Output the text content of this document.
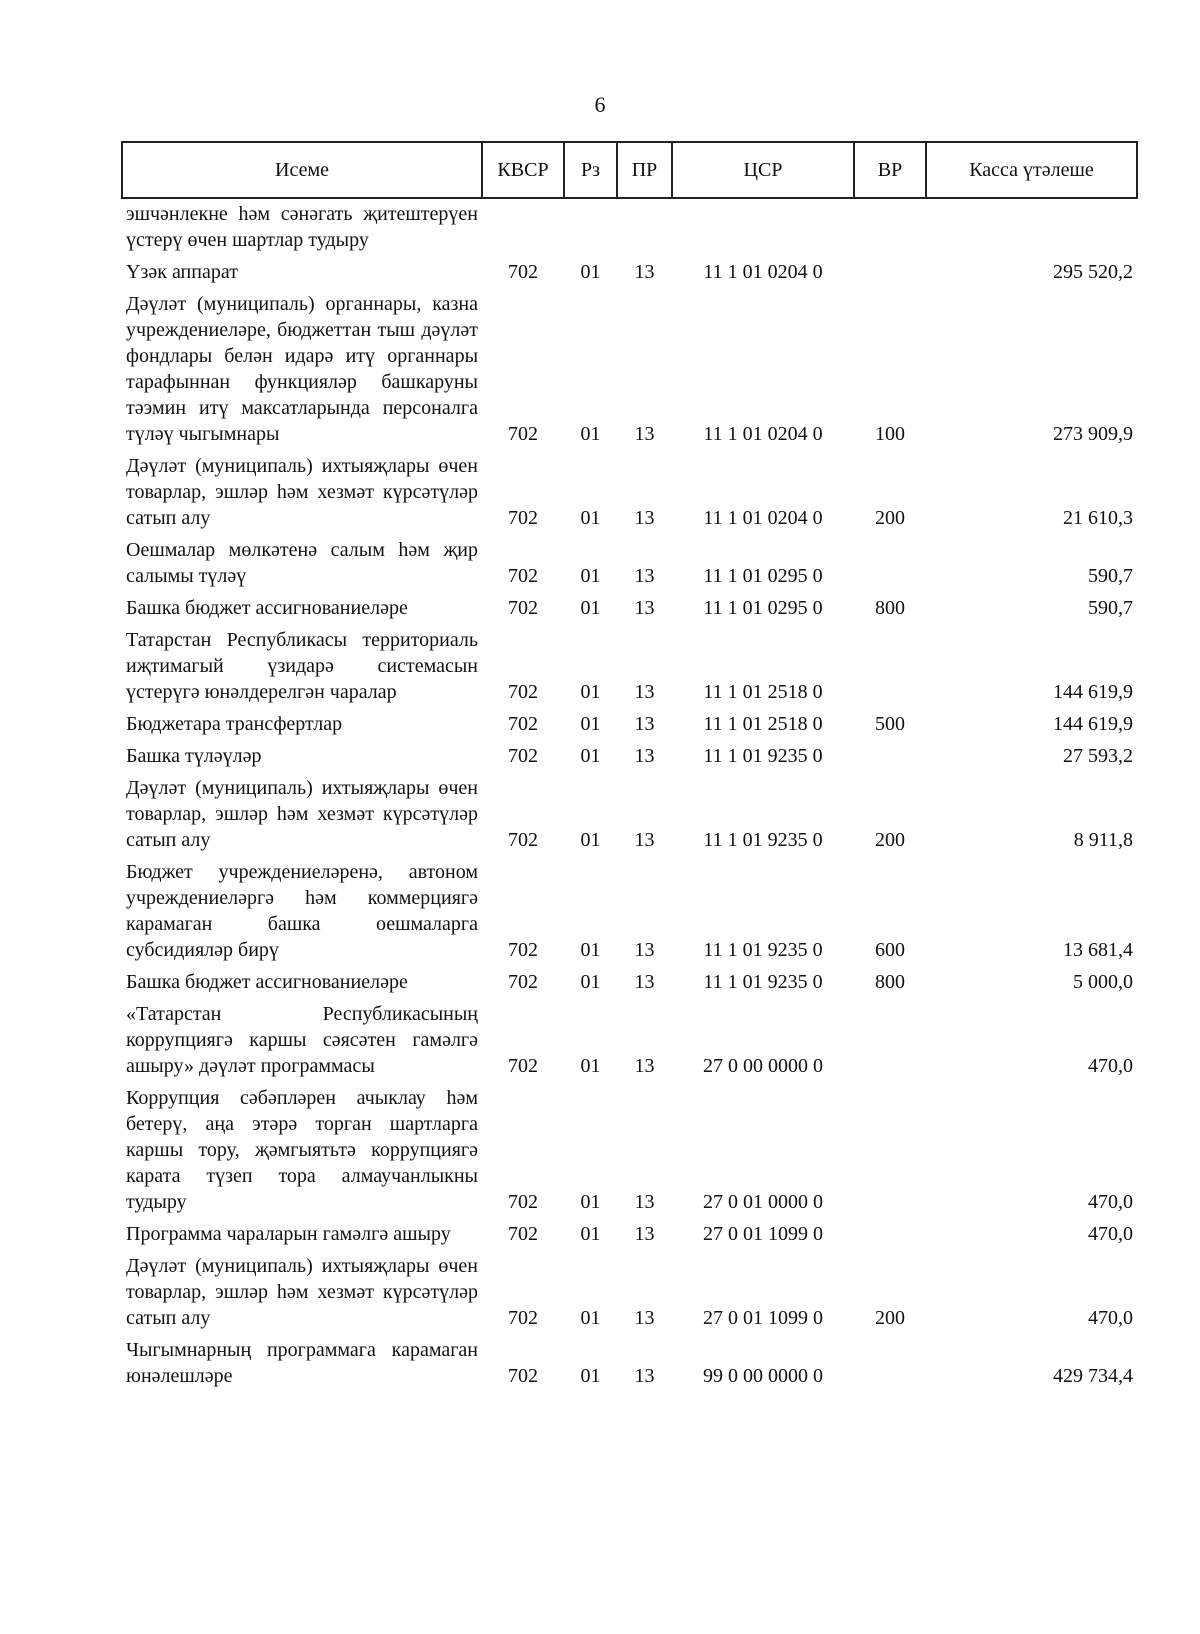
6
Исеме	КВСР	Рз	ПР	ЦСР	ВР	Касса үтәлеше
эшчәнлекне һәм сәнәгать җитештерүен үстерү өчен шартлар тудыру						
Үзәк аппарат	702	01	13	11 1 01 0204 0		295 520,2
Дәүләт (муниципаль) органнары, казна учреждениеләре, бюджеттан тыш дәүләт фондлары белән идарә итү органнары тарафыннан функцияләр башкаруны тәэмин итү максатларында персоналга түләү чыгымнары	702	01	13	11 1 01 0204 0	100	273 909,9
Дәүләт (муниципаль) ихтыяҗлары өчен товарлар, эшләр һәм хезмәт күрсәтүләр сатып алу	702	01	13	11 1 01 0204 0	200	21 610,3
Оешмалар мөлкәтенә салым һәм җир салымы түләү	702	01	13	11 1 01 0295 0		590,7
Башка бюджет ассигнованиеләре	702	01	13	11 1 01 0295 0	800	590,7
Татарстан Республикасы территориаль иҗтимагый үзидарә системасын үстерүгә юнәлдерелгән чаралар	702	01	13	11 1 01 2518 0		144 619,9
Бюджетара трансфертлар	702	01	13	11 1 01 2518 0	500	144 619,9
Башка түләүләр	702	01	13	11 1 01 9235 0		27 593,2
Дәүләт (муниципаль) ихтыяҗлары өчен товарлар, эшләр һәм хезмәт күрсәтүләр сатып алу	702	01	13	11 1 01 9235 0	200	8 911,8
Бюджет учреждениеләренә, автоном учреждениеләргә һәм коммерциягә карамаган башка оешмаларга субсидияләр бирү	702	01	13	11 1 01 9235 0	600	13 681,4
Башка бюджет ассигнованиеләре	702	01	13	11 1 01 9235 0	800	5 000,0
«Татарстан Республикасының коррупциягә каршы сәясәтен гамәлгә ашыру» дәүләт программасы	702	01	13	27 0 00 0000 0		470,0
Коррупция сәбәпләрен ачыклау һәм бетерү, аңа этәрә торган шартларга каршы тору, җәмгыятьтә коррупциягә карата түзеп тора алмаучанлыкны тудыру	702	01	13	27 0 01 0000 0		470,0
Программа чараларын гамәлгә ашыру	702	01	13	27 0 01 1099 0		470,0
Дәүләт (муниципаль) ихтыяҗлары өчен товарлар, эшләр һәм хезмәт күрсәтүләр сатып алу	702	01	13	27 0 01 1099 0	200	470,0
Чыгымнарның программага карамаган юнәлешләре	702	01	13	99 0 00 0000 0		429 734,4
